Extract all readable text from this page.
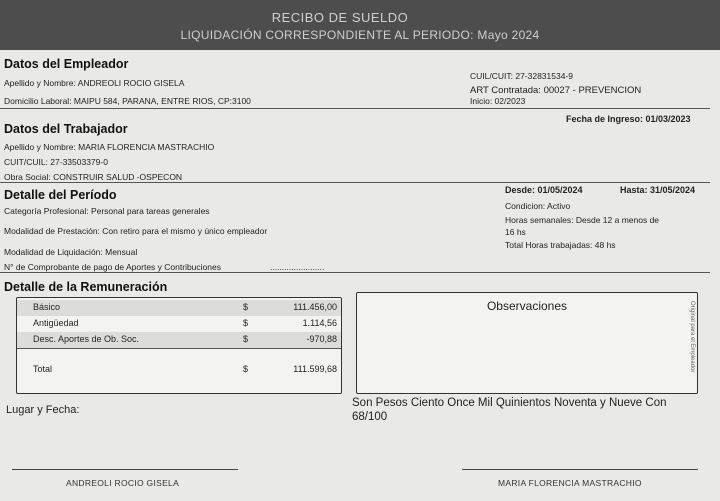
RECIBO DE SUELDO
LIQUIDACIÓN CORRESPONDIENTE AL PERIODO: Mayo 2024
Datos del Empleador
Apellido y Nombre: ANDREOLI ROCIO GISELA
Domicilio Laboral: MAIPU 584, PARANA, ENTRE RIOS, CP:3100
CUIL/CUIT: 27-32831534-9
ART Contratada: 00027 - PREVENCION
Inicio: 02/2023
Fecha de Ingreso: 01/03/2023
Datos del Trabajador
Apellido y Nombre: MARIA FLORENCIA MASTRACHIO
CUIT/CUIL: 27-33503379-0
Obra Social: CONSTRUIR SALUD -OSPECON
Detalle del Período	Desde: 01/05/2024	Hasta: 31/05/2024
Categoría Profesional: Personal para tareas generales	Condicion: Activo
Modalidad de Prestación: Con retiro para el mismo y único empleador
Horas semanales: Desde 12 a menos de
16 hs
Modalidad de Liquidación: Mensual
Total Horas trabajadas: 48 hs
N° de Comprobante de pago de Aportes y Contribuciones	.......................
Detalle de la Remuneración
Básico	$	111.456,00
Antigüedad	$	1.114,56
Desc. Aportes de Ob. Soc.	$	-970,88
Total	$	111.599,68
Observaciones	Original para el Empleador
Lugar y Fecha:
Son Pesos Ciento Once Mil Quinientos Noventa y Nueve Con
68/100
ANDREOLI ROCIO GISELA	MARIA FLORENCIA MASTRACHIO
